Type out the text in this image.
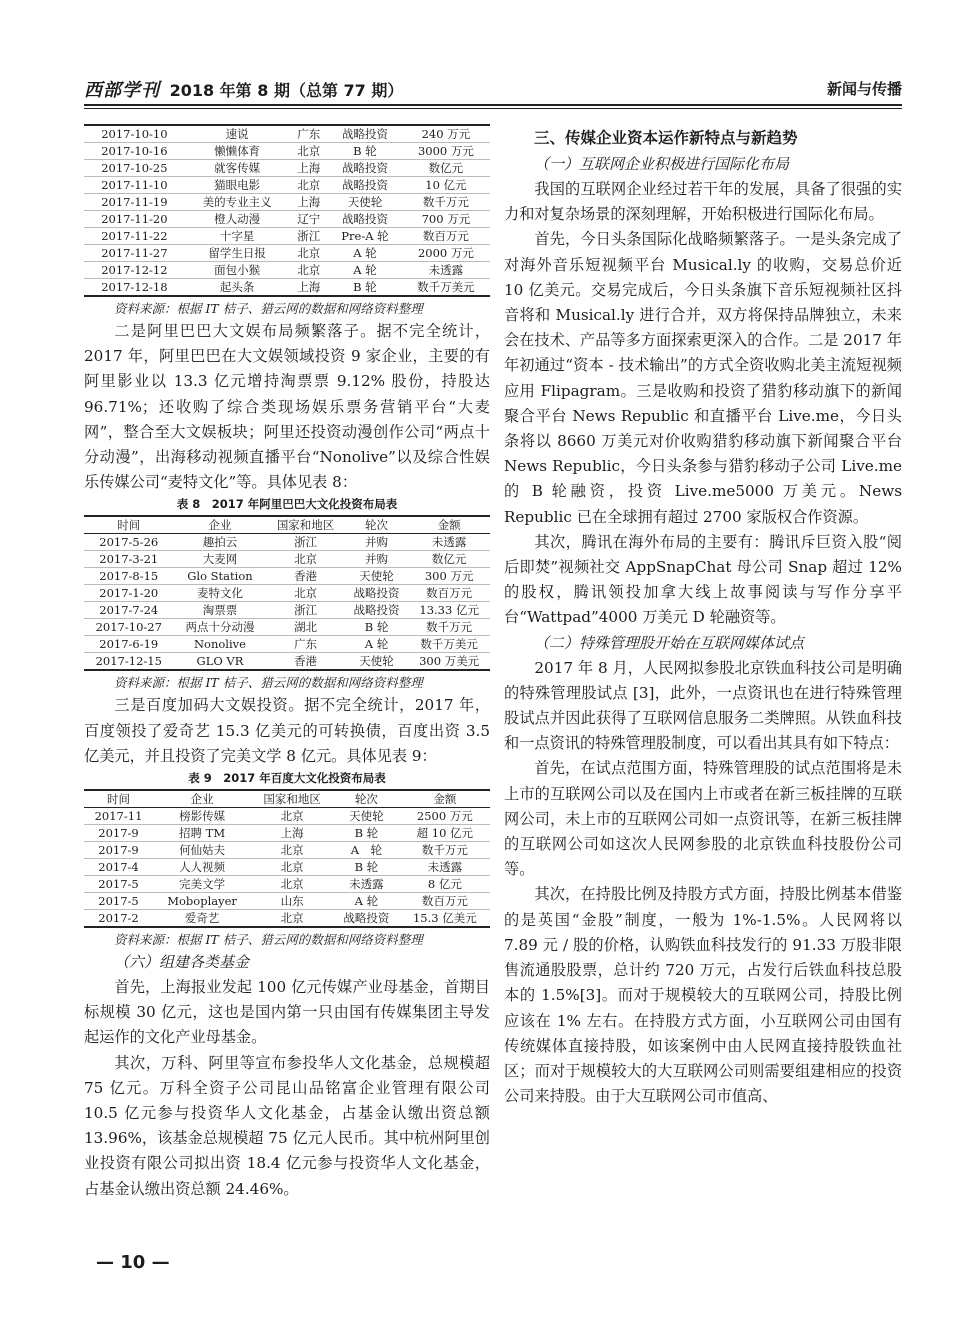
西部学刊 2018 年第 8 期（总第 77 期）	新闻与传播
2017-10-10	速说	广东	战略投资	240 万元
2017-10-16	懒懒体育	北京	B 轮	3000 万元
2017-10-25	就客传媒	上海	战略投资	数亿元
2017-11-10	猫眼电影	北京	战略投资	10 亿元
2017-11-19	美的专业主义	上海	天使轮	数千万元
2017-11-20	橙人动漫	辽宁	战略投资	700 万元
2017-11-22	十字星	浙江	Pre-A 轮	数百万元
2017-11-27	留学生日报	北京	A 轮	2000 万元
2017-12-12	面包小猴	北京	A 轮	未透露
2017-12-18	起头条	上海	B 轮	数千万美元
资料来源：根据 IT 桔子、猎云网的数据和网络资料整理

二是阿里巴巴大文娱布局频繁落子。据不完全统计，2017 年，阿里巴巴在大文娱领域投资 9 家企业，主要的有阿里影业以 13.3 亿元增持淘票票 9.12% 股份，持股达 96.71%；还收购了综合类现场娱乐票务营销平台“大麦网”，整合至大文娱板块；阿里还投资动漫创作公司“两点十分动漫”，出海移动视频直播平台“Nonolive”以及综合性娱乐传媒公司“麦特文化”等。具体见表 8：

表 8　2017 年阿里巴巴大文化投资布局表
时间	企业	国家和地区	轮次	金额
2017-5-26	趣拍云	浙江	并购	未透露
2017-3-21	大麦网	北京	并购	数亿元
2017-8-15	Glo Station	香港	天使轮	300 万元
2017-1-20	麦特文化	北京	战略投资	数百万元
2017-7-24	淘票票	浙江	战略投资	13.33 亿元
2017-10-27	两点十分动漫	湖北	B 轮	数千万元
2017-6-19	Nonolive	广东	A 轮	数千万美元
2017-12-15	GLO VR	香港	天使轮	300 万美元
资料来源：根据 IT 桔子、猎云网的数据和网络资料整理

三是百度加码大文娱投资。据不完全统计，2017 年，百度领投了爱奇艺 15.3 亿美元的可转换债，百度出资 3.5 亿美元，并且投资了完美文学 8 亿元。具体见表 9：

表 9　2017 年百度大文化投资布局表
时间	企业	国家和地区	轮次	金额
2017-11	榜影传媒	北京	天使轮	2500 万元
2017-9	招聘 TM	上海	B 轮	超 10 亿元
2017-9	何仙姑夫	北京	A　轮	数千万元
2017-4	人人视频	北京	B 轮	未透露
2017-5	完美文学	北京	未透露	8 亿元
2017-5	Moboplayer	山东	A 轮	数百万元
2017-2	爱奇艺	北京	战略投资	15.3 亿美元
资料来源：根据 IT 桔子、猎云网的数据和网络资料整理
（六）组建各类基金

首先，上海报业发起 100 亿元传媒产业母基金，首期目标规模 30 亿元，这也是国内第一只由国有传媒集团主导发起运作的文化产业母基金。

其次，万科、阿里等宣布参投华人文化基金，总规模超 75 亿元。万科全资子公司昆山品铭富企业管理有限公司 10.5 亿元参与投资华人文化基金，占基金认缴出资总额 13.96%，该基金总规模超 75 亿元人民币。其中杭州阿里创业投资有限公司拟出资 18.4 亿元参与投资华人文化基金，占基金认缴出资总额 24.46%。

三、传媒企业资本运作新特点与新趋势
（一）互联网企业积极进行国际化布局

我国的互联网企业经过若干年的发展，具备了很强的实力和对复杂场景的深刻理解，开始积极进行国际化布局。

首先，今日头条国际化战略频繁落子。一是头条完成了对海外音乐短视频平台 Musical.ly 的收购，交易总价近 10 亿美元。交易完成后，今日头条旗下音乐短视频社区抖音将和 Musical.ly 进行合并，双方将保持品牌独立，未来会在技术、产品等多方面探索更深入的合作。二是 2017 年年初通过“资本 - 技术输出”的方式全资收购北美主流短视频应用 Flipagram。三是收购和投资了猎豹移动旗下的新闻聚合平台 News Republic 和直播平台 Live.me，今日头条将以 8660 万美元对价收购猎豹移动旗下新闻聚合平台 News Republic，今日头条参与猎豹移动子公司 Live.me 的 B 轮融资，投资 Live.me5000 万美元。News Republic 已在全球拥有超过 2700 家版权合作资源。

其次，腾讯在海外布局的主要有：腾讯斥巨资入股“阅后即焚”视频社交 AppSnapChat 母公司 Snap 超过 12% 的股权，腾讯领投加拿大线上故事阅读与写作分享平台“Wattpad”4000 万美元 D 轮融资等。

（二）特殊管理股开始在互联网媒体试点

2017 年 8 月，人民网拟参股北京铁血科技公司是明确的特殊管理股试点 [3]，此外，一点资讯也在进行特殊管理股试点并因此获得了互联网信息服务二类牌照。从铁血科技和一点资讯的特殊管理股制度，可以看出其具有如下特点：

首先，在试点范围方面，特殊管理股的试点范围将是未上市的互联网公司以及在国内上市或者在新三板挂牌的互联网公司，未上市的互联网公司如一点资讯等，在新三板挂牌的互联网公司如这次人民网参股的北京铁血科技股份公司等。

其次，在持股比例及持股方式方面，持股比例基本借鉴的是英国“金股”制度，一般为 1%-1.5%。人民网将以 7.89 元 / 股的价格，认购铁血科技发行的 91.33 万股非限售流通股股票，总计约 720 万元，占发行后铁血科技总股本的 1.5%[3]。而对于规模较大的互联网公司，持股比例应该在 1% 左右。在持股方式方面，小互联网公司由国有传统媒体直接持股，如该案例中由人民网直接持股铁血社区；而对于规模较大的大互联网公司则需要组建相应的投资公司来持股。由于大互联网公司市值高、

— 10 —
